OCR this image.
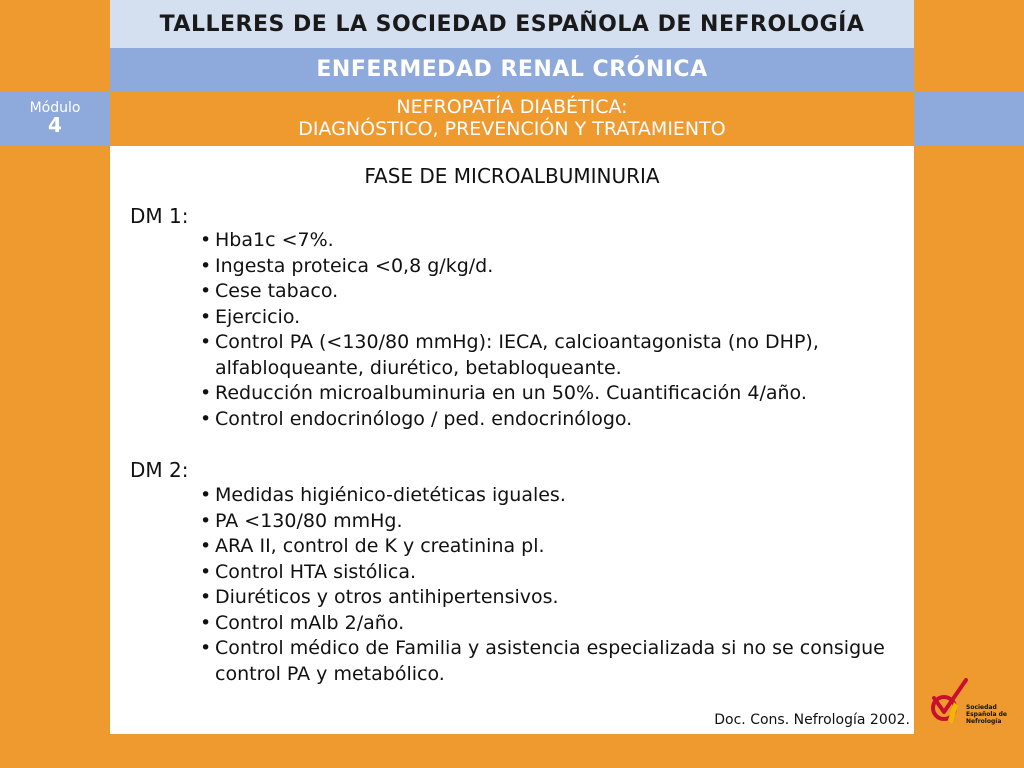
TALLERES DE LA SOCIEDAD ESPAÑOLA DE NEFROLOGÍA
ENFERMEDAD RENAL CRÓNICA
Módulo
4
NEFROPATÍA DIABÉTICA:
DIAGNÓSTICO, PREVENCIÓN Y TRATAMIENTO
FASE DE MICROALBUMINURIA
DM 1:
• Hba1c <7%.
• Ingesta proteica <0,8 g/kg/d.
• Cese tabaco.
• Ejercicio.
• Control PA (<130/80 mmHg): IECA, calcioantagonista (no DHP), alfabloqueante, diurético, betabloqueante.
• Reducción microalbuminuria en un 50%. Cuantificación 4/año.
• Control endocrinólogo / ped. endocrinólogo.
DM 2:
• Medidas higiénico-dietéticas iguales.
• PA <130/80 mmHg.
• ARA II, control de K y creatinina pl.
• Control HTA sistólica.
• Diuréticos y otros antihipertensivos.
• Control mAlb 2/año.
• Control médico de Familia y asistencia especializada si no se consigue control PA y metabólico.
Doc. Cons. Nefrología 2002.
Sociedad
Española de
Nefrología
